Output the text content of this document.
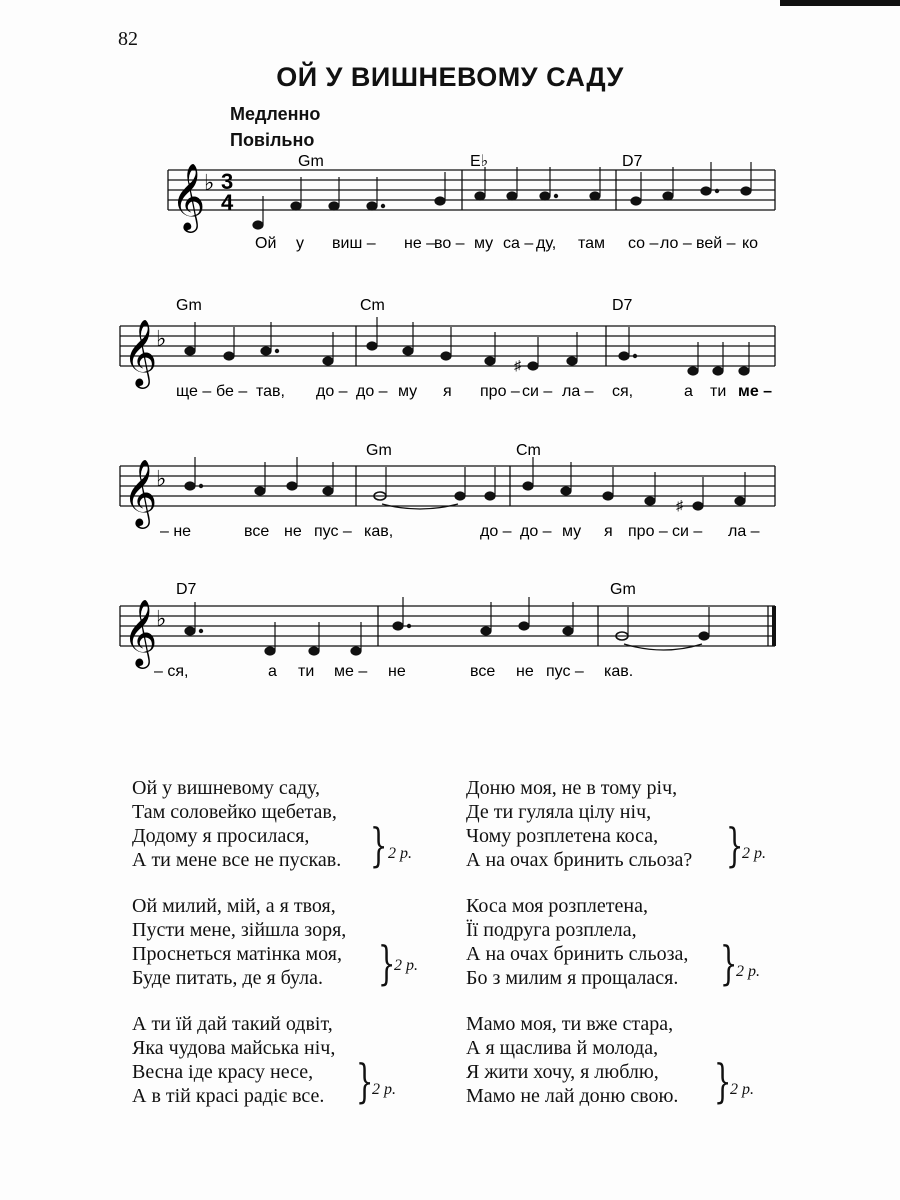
82
ОЙ У ВИШНЕВОМУ САДУ
Медленно
Повільно
𝄞
♭ 3
4
𝄞
♭
♯
𝄞
♭
♯
𝄞
♭
Gm	E♭	D7
Gm	Cm	D7
Gm	Cm
D7	Gm
Ой у виш – не –
во – му са – ду, там со – ло – вей – ко
ще – бе – тав, до – до – му я про – си – ла – ся,	а ти ме –
– не	все не пус – кав,	до – до – му я про – си – ла –
– ся,	а ти ме – не	все не пус – кав.
Ой у вишневому саду,
Там соловейко щебетав,
Додому я просилася,
А ти мене все не пускав. } 2 р.
Ой милий, мій, а я твоя,
Пусти мене, зійшла зоря,
Проснеться матінка моя,
Буде питать, де я була.	}
2 р.
А ти їй дай такий одвіт,
Яка чудова майська ніч,
Весна іде красу несе,
А в тій красі радіє все. }
2 р.
Доню моя, не в тому річ,
Де ти гуляла цілу ніч,
Чому розплетена коса,
А на очах бринить сльоза? }
2 р.
Коса моя розплетена,
Її подруга розплела,
А на очах бринить сльоза,
Бо з милим я прощалася. }
2 р.
Мамо моя, ти вже стара,
А я щаслива й молода,
Я жити хочу, я люблю,
Мамо не лай доню свою. }
2 р.
